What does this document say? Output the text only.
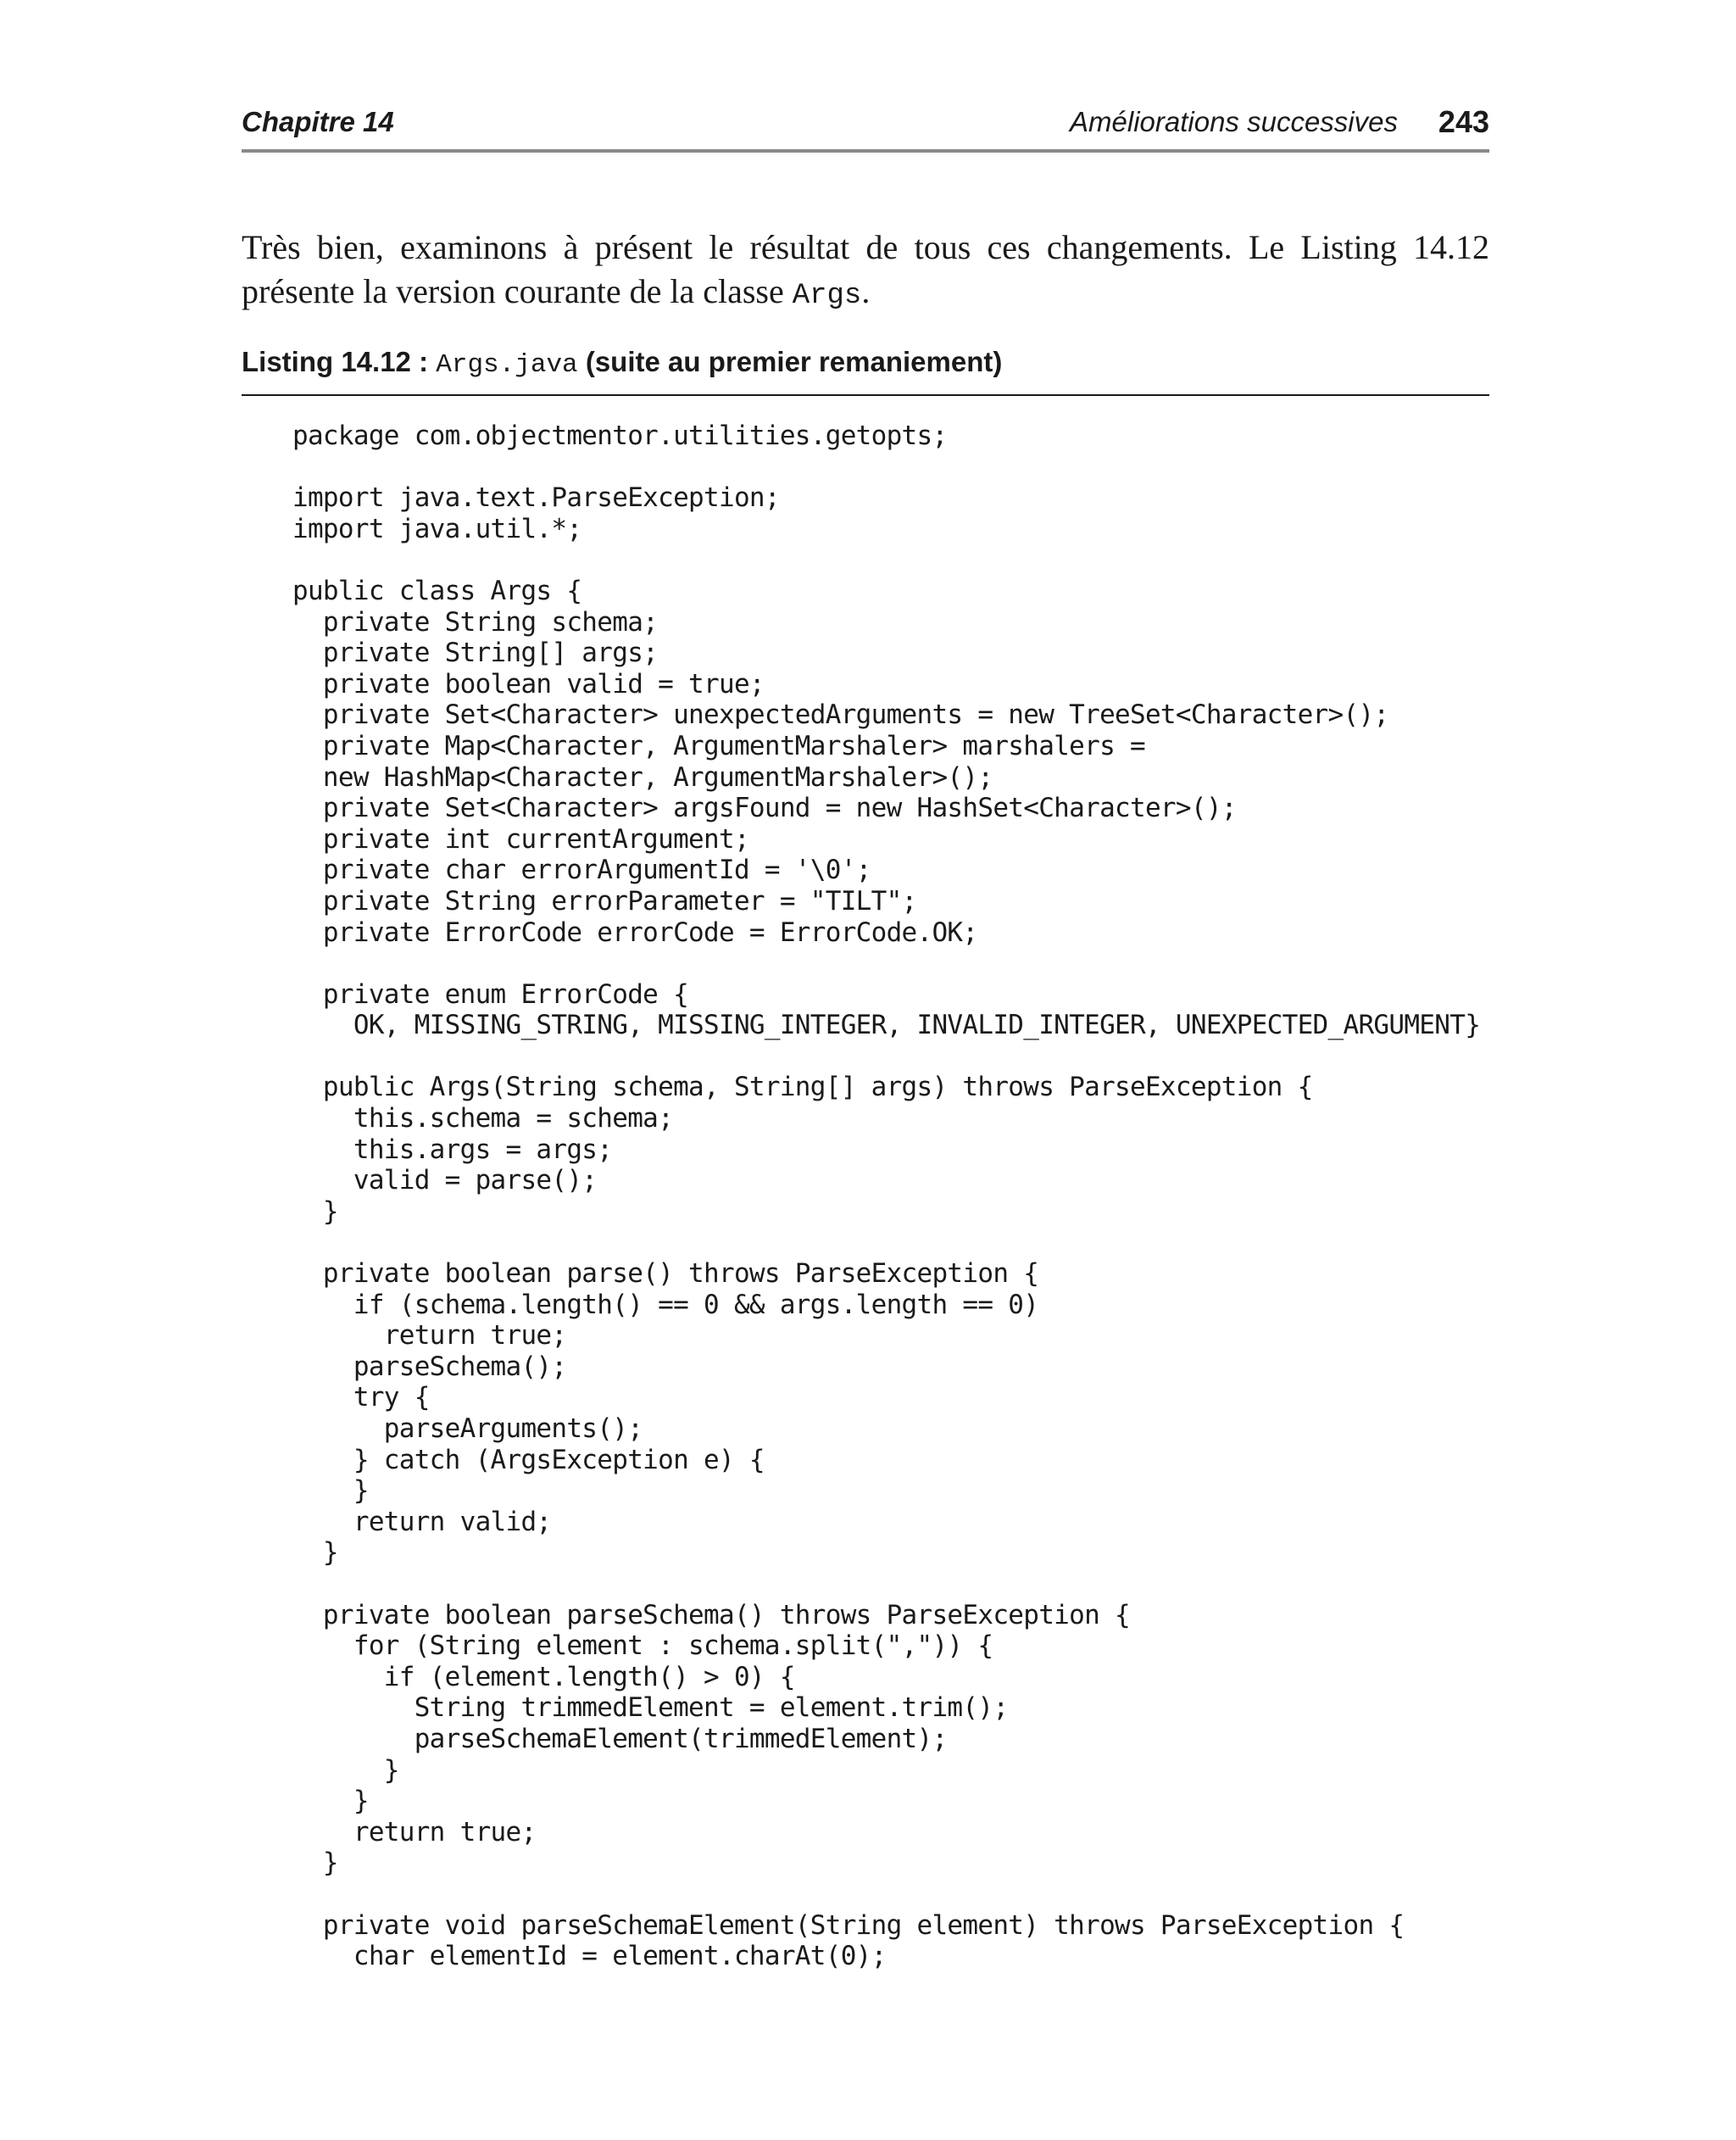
Chapitre 14	Améliorations successives 243

Très bien, examinons à présent le résultat de tous ces changements. Le Listing 14.12 présente la version courante de la classe Args.

Listing 14.12 : Args.java (suite au premier remaniement)
package com.objectmentor.utilities.getopts;
import java.text.ParseException;
import java.util.*;
public class Args {
private String schema;
private String[] args;
private boolean valid = true;
private Set<Character> unexpectedArguments = new TreeSet<Character>();
private Map<Character, ArgumentMarshaler> marshalers =
new HashMap<Character, ArgumentMarshaler>();
private Set<Character> argsFound = new HashSet<Character>();
private int currentArgument;
private char errorArgumentId = '\0';
private String errorParameter = "TILT";
private ErrorCode errorCode = ErrorCode.OK;
private enum ErrorCode {
OK, MISSING_STRING, MISSING_INTEGER, INVALID_INTEGER, UNEXPECTED_ARGUMENT}
public Args(String schema, String[] args) throws ParseException {
this.schema = schema;
this.args = args;
valid = parse();
}
private boolean parse() throws ParseException {
if (schema.length() == 0 && args.length == 0)
return true;
parseSchema();
try {
parseArguments();
} catch (ArgsException e) {
}
return valid;
}
private boolean parseSchema() throws ParseException {
for (String element : schema.split(",")) {
if (element.length() > 0) {
String trimmedElement = element.trim();
parseSchemaElement(trimmedElement);
}
}
return true;
}
private void parseSchemaElement(String element) throws ParseException {
char elementId = element.charAt(0);
